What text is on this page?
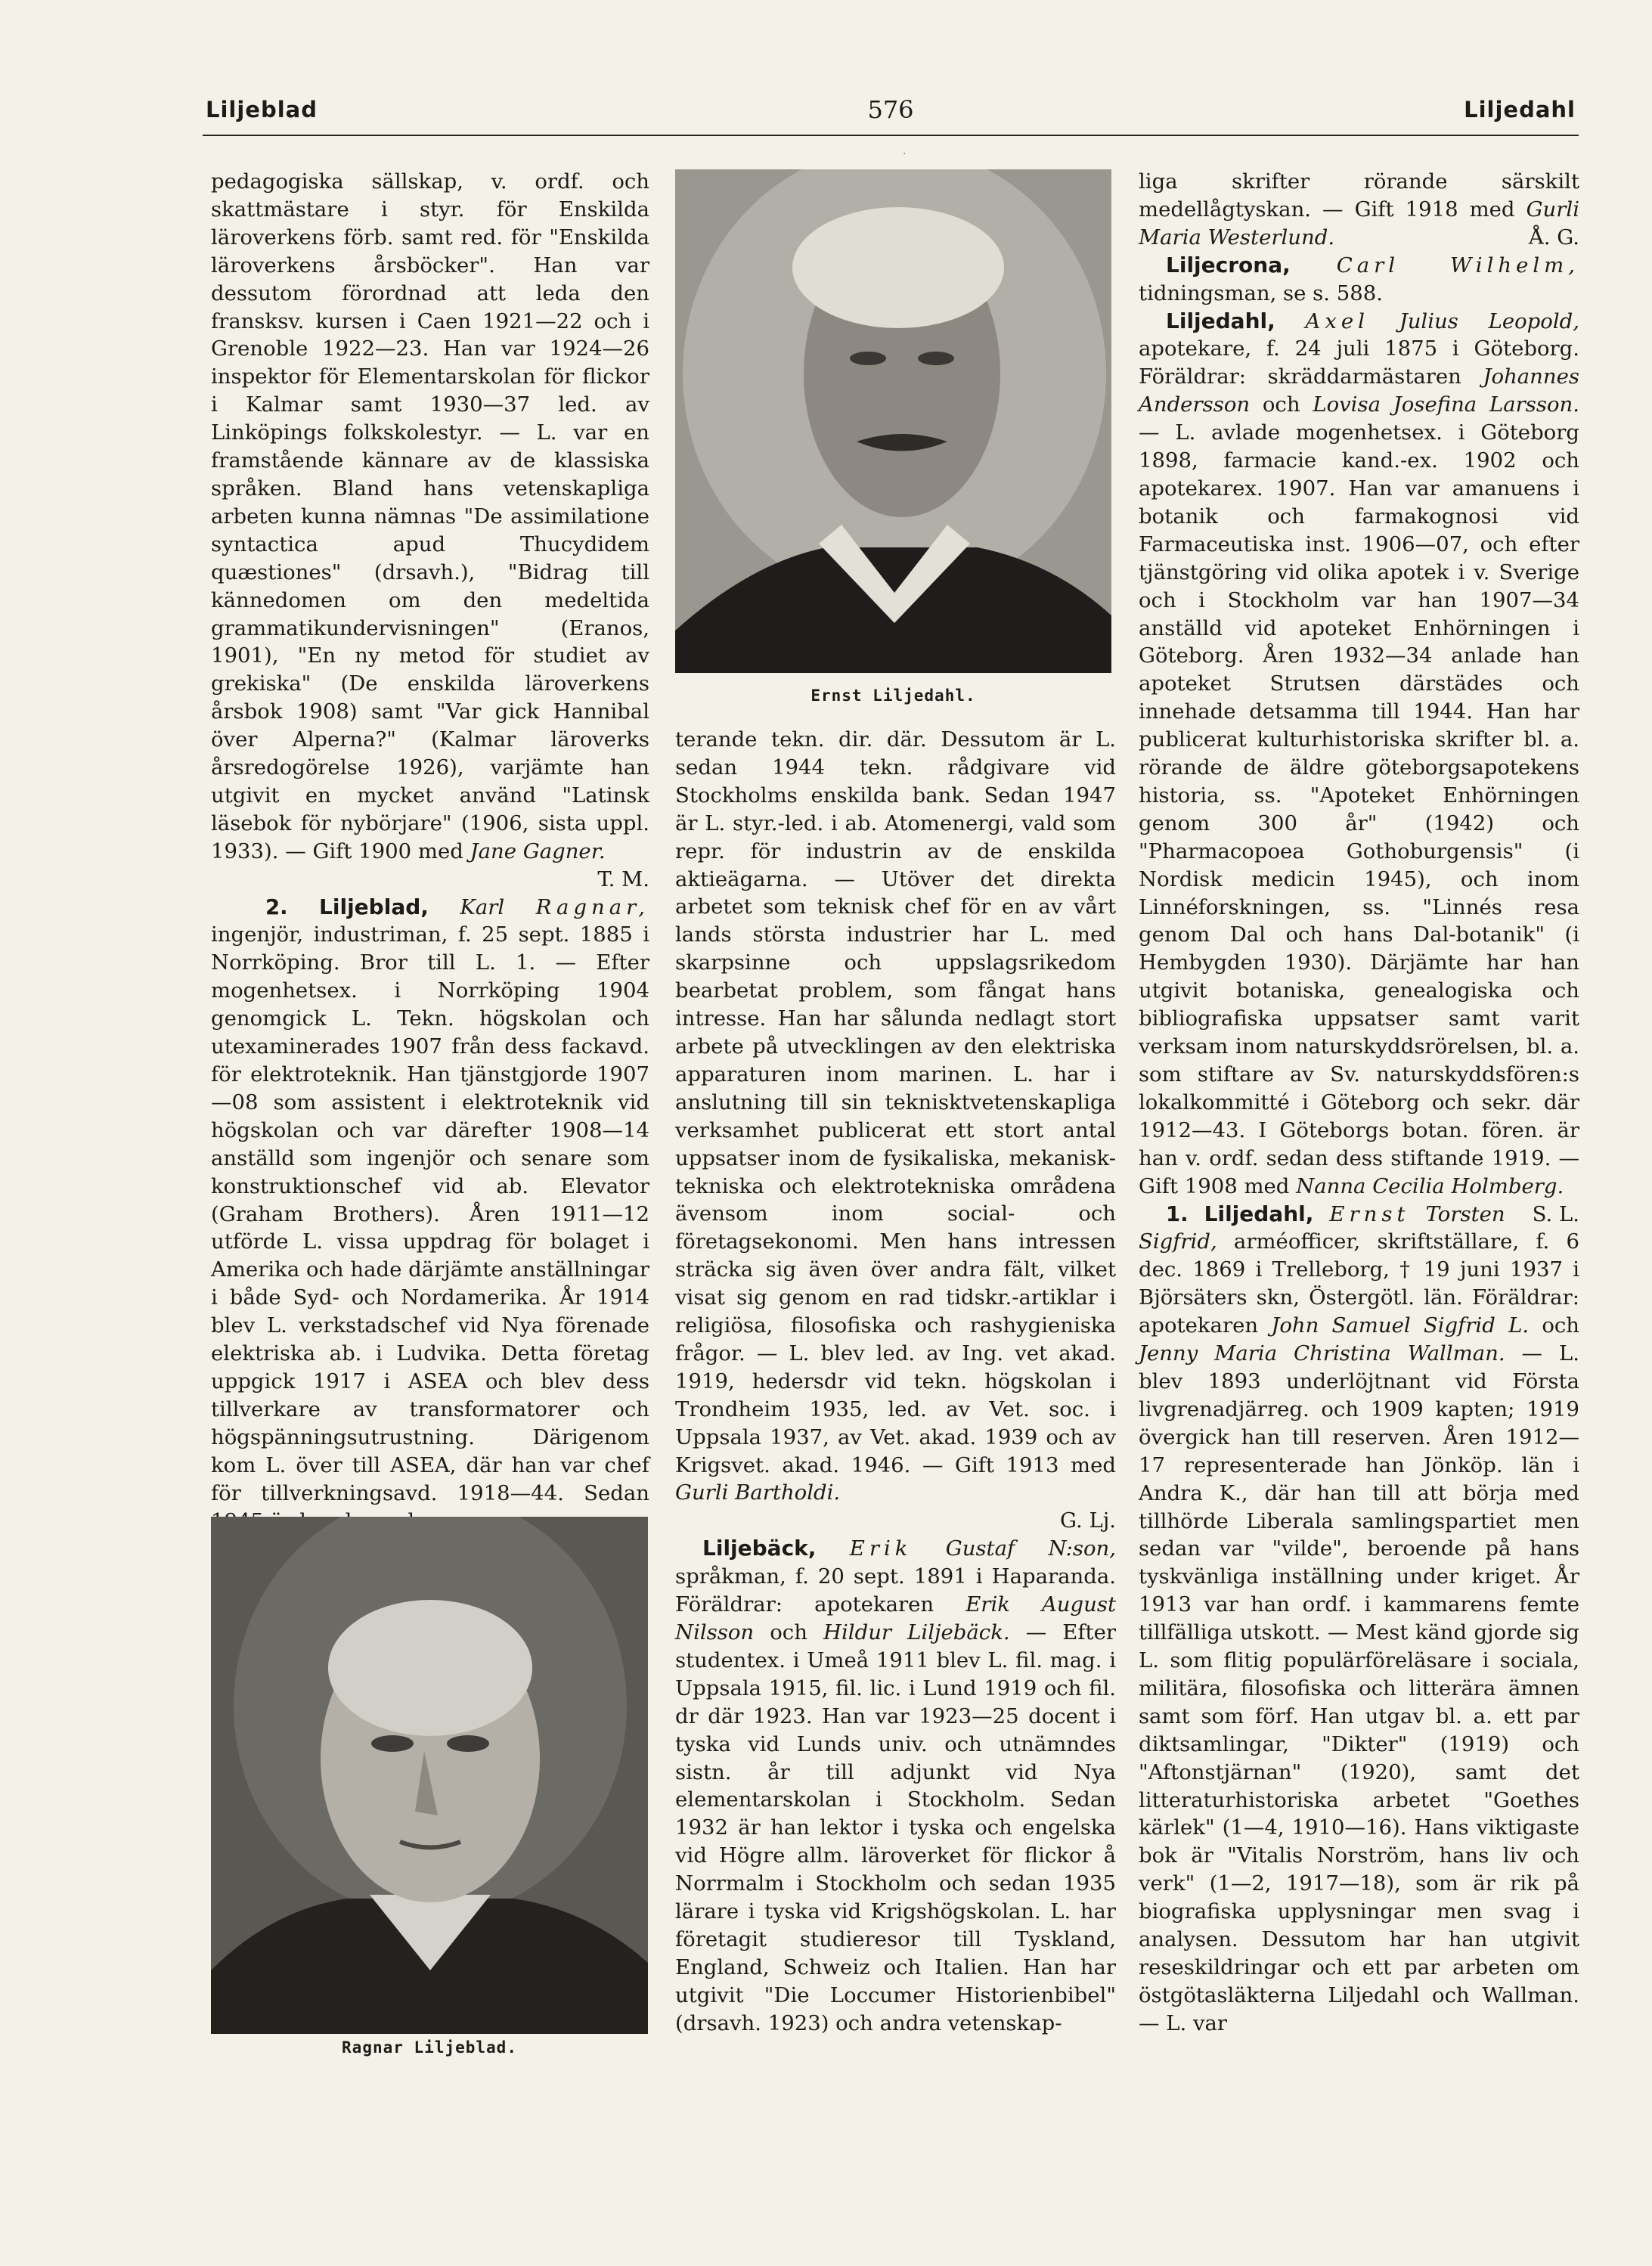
Liljeblad	576	Liljedahl
·

pedagogiska sällskap, v. ordf. och skattmästare i styr. för Enskilda läroverkens förb. samt red. för "Enskilda läroverkens årsböcker". Han var dessutom förordnad att leda den fransksv. kursen i Caen 1921—22 och i Grenoble 1922—23. Han var 1924—26 inspektor för Elementarskolan för flickor i Kalmar samt 1930—37 led. av Linköpings folkskolestyr. — L. var en framstående kännare av de klassiska språken. Bland hans vetenskapliga arbeten kunna nämnas "De assimilatione syntactica apud Thucydidem quæstiones" (drsavh.), "Bidrag till kännedomen om den medeltida grammatikundervisningen" (Eranos, 1901), "En ny metod för studiet av grekiska" (De enskilda läroverkens årsbok 1908) samt "Var gick Hannibal över Alperna?" (Kalmar läroverks årsredogörelse 1926), varjämte han utgivit en mycket använd "Latinsk läsebok för nybörjare" (1906, sista uppl. 1933). — Gift 1900 med Jane Gagner.
T. M.

2. Liljeblad, Karl Ragnar, ingenjör, industriman, f. 25 sept. 1885 i Norrköping. Bror till L. 1. — Efter mogenhetsex. i Norrköping 1904 genomgick L. Tekn. högskolan och utexaminerades 1907 från dess fackavd. för elektroteknik. Han tjänstgjorde 1907—08 som assistent i elektroteknik vid högskolan och var därefter 1908—14 anställd som ingenjör och senare som konstruktionschef vid ab. Elevator (Graham Brothers). Åren 1911—12 utförde L. vissa uppdrag för bolaget i Amerika och hade därjämte anställningar i både Syd- och Nordamerika. År 1914 blev L. verkstadschef vid Nya förenade elektriska ab. i Ludvika. Detta företag uppgick 1917 i ASEA och blev dess tillverkare av transformatorer och högspänningsutrustning. Därigenom kom L. över till ASEA, där han var chef för tillverkningsavd. 1918—44. Sedan

Ragnar Liljeblad.
Ernst Liljedahl.

terande tekn. dir. där. Dessutom är L. sedan 1944 tekn. rådgivare vid Stockholms enskilda bank. Sedan 1947 är L. styr.-led. i ab. Atomenergi, vald som repr. för industrin av de enskilda aktieägarna. — Utöver det direkta arbetet som teknisk chef för en av vårt lands största industrier har L. med skarpsinne och uppslagsrikedom bearbetat problem, som fångat hans intresse. Han har sålunda nedlagt stort arbete på utvecklingen av den elektriska apparaturen inom marinen. L. har i anslutning till sin teknisktvetenskapliga verksamhet publicerat ett stort antal uppsatser inom de fysikaliska, mekanisk-tekniska och elektrotekniska områdena ävensom inom social- och företagsekonomi. Men hans intressen sträcka sig även över andra fält, vilket visat sig genom en rad tidskr.-artiklar i religiösa, filosofiska och rashygieniska frågor. — L. blev led. av Ing. vet akad. 1919, hedersdr vid tekn. högskolan i Trondheim 1935, led. av Vet. soc. i Uppsala 1937, av Vet. akad. 1939 och av Krigsvet. akad. 1946. — Gift 1913 med Gurli Bartholdi.
G. Lj.

Liljebäck, Erik Gustaf N:son, språkman, f. 20 sept. 1891 i Haparanda. Föräldrar: apotekaren Erik August Nilsson och Hildur Liljebäck. — Efter studentex. i Umeå 1911 blev L. fil. mag. i Uppsala 1915, fil. lic. i Lund 1919 och fil. dr där 1923. Han var 1923—25 docent i tyska vid Lunds univ. och utnämndes sistn. år till adjunkt vid Nya elementarskolan i Stockholm. Sedan 1932 är han lektor i tyska och engelska vid Högre allm. läroverket för flickor å Norrmalm i Stockholm och sedan 1935 lärare i tyska vid Krigshögskolan. L. har företagit studieresor till Tyskland, England, Schweiz och Italien. Han har utgivit "Die Loccumer Historienbibel" (drsavh. 1923) och andra vetenskap-

liga skrifter rörande särskilt medellågtyskan. — Gift 1918 med Gurli Maria Westerlund.	Å. G.

Liljecrona, Carl Wilhelm, tidningsman, se s. 588.

Liljedahl, Axel Julius Leopold, apotekare, f. 24 juli 1875 i Göteborg. Föräldrar: skräddarmästaren Johannes Andersson och Lovisa Josefina Larsson. — L. avlade mogenhetsex. i Göteborg 1898, farmacie kand.-ex. 1902 och apotekarex. 1907. Han var amanuens i botanik och farmakognosi vid Farmaceutiska inst. 1906—07, och efter tjänstgöring vid olika apotek i v. Sverige och i Stockholm var han 1907—34 anställd vid apoteket Enhörningen i Göteborg. Åren 1932—34 anlade han apoteket Strutsen därstädes och innehade detsamma till 1944. Han har publicerat kulturhistoriska skrifter bl. a. rörande de äldre göteborgsapotekens historia, ss. "Apoteket Enhörningen genom 300 år" (1942) och "Pharmacopoea Gothoburgensis" (i Nordisk medicin 1945), och inom Linnéforskningen, ss. "Linnés resa genom Dal och hans Dal-botanik" (i Hembygden 1930). Därjämte har han utgivit botaniska, genealogiska och bibliografiska uppsatser samt varit verksam inom naturskyddsrörelsen, bl. a. som stiftare av Sv. naturskyddsfören:s lokalkommitté i Göteborg och sekr. där 1912—43. I Göteborgs botan. fören. är han v. ordf. sedan dess stiftande 1919. — Gift 1908 med Nanna Cecilia Holmberg.
S. L.

1. Liljedahl, Ernst Torsten Sigfrid, arméofficer, skriftställare, f. 6 dec. 1869 i Trelleborg, † 19 juni 1937 i Björsäters skn, Östergötl. län. Föräldrar: apotekaren John Samuel Sigfrid L. och Jenny Maria Christina Wallman. — L. blev 1893 underlöjtnant vid Första livgrenadjärreg. och 1909 kapten; 1919 övergick han till reserven. Åren 1912—17 representerade han Jönköp. län i Andra K., där han till att börja med tillhörde Liberala samlingspartiet men sedan var "vilde", beroende på hans tyskvänliga inställning under kriget. År 1913 var han ordf. i kammarens femte tillfälliga utskott. — Mest känd gjorde sig L. som flitig populärföreläsare i sociala, militära, filosofiska och litterära ämnen samt som förf. Han utgav bl. a. ett par diktsamlingar, "Dikter" (1919) och "Aftonstjärnan" (1920), samt det litteraturhistoriska arbetet "Goethes kärlek" (1—4, 1910—16). Hans viktigaste bok är "Vitalis Norström, hans liv och verk" (1—2, 1917—18), som är rik på biografiska upplysningar men svag i analysen. Dessutom har han utgivit reseskildringar och ett par arbeten om östgötasläkterna Liljedahl och Wallman. — L. var
